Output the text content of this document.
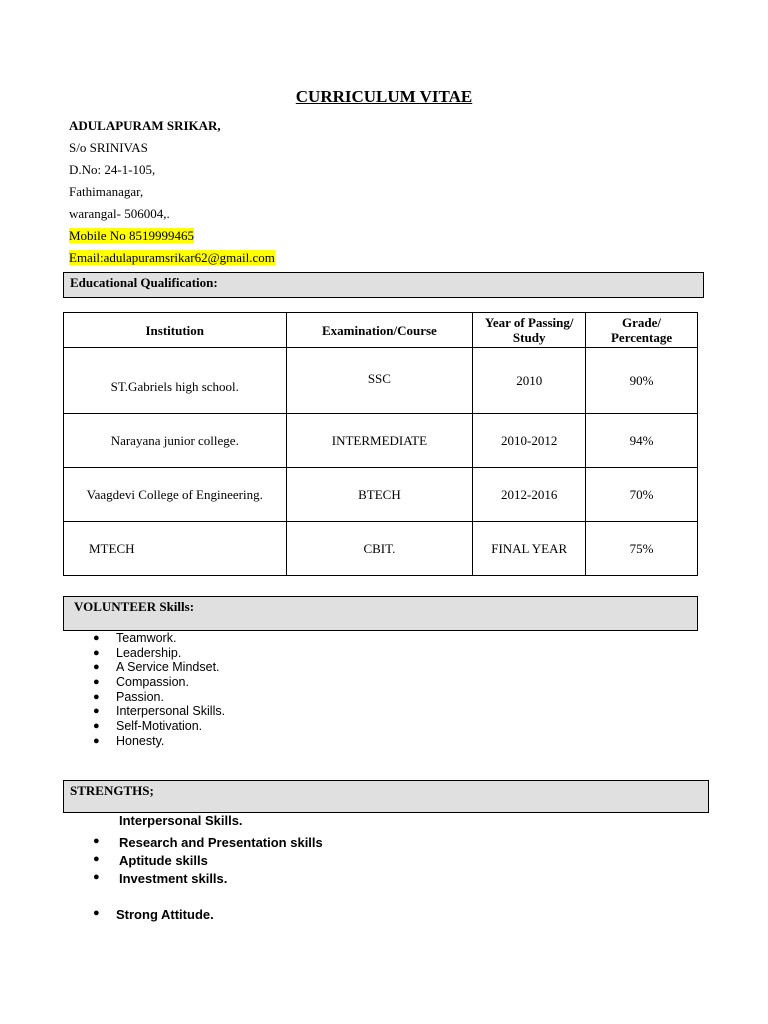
CURRICULUM VITAE
ADULAPURAM SRIKAR,
S/o SRINIVAS
D.No: 24-1-105,
Fathimanagar,
warangal- 506004,.
Mobile No 8519999465
Email:adulapuramsrikar62@gmail.com
Educational Qualification:
Institution	Examination/Course	Year of Passing/ Study	Grade/ Percentage
ST.Gabriels high school.	SSC	2010	90%
Narayana junior college.	INTERMEDIATE	2010-2012	94%
Vaagdevi College of Engineering.	BTECH	2012-2016	70%
MTECH	CBIT.	FINAL YEAR	75%
VOLUNTEER Skills:
● Teamwork.
● Leadership.
● A Service Mindset.
● Compassion.
● Passion.
● Interpersonal Skills.
● Self-Motivation.
● Honesty.
STRENGTHS;
Interpersonal Skills.
● Research and Presentation skills
● Aptitude skills
● Investment skills.
● Strong Attitude.
